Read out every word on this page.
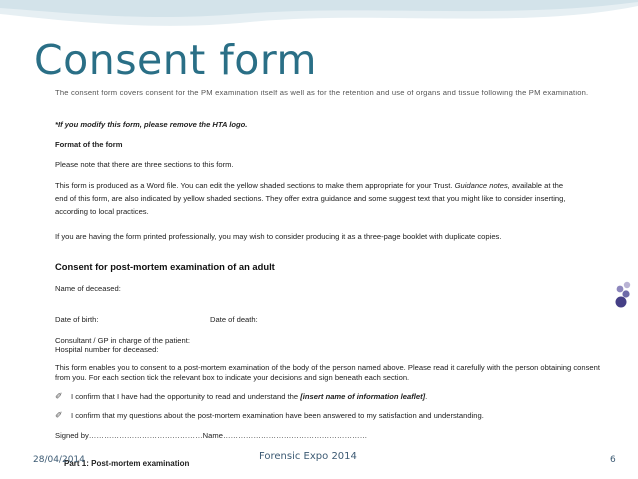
Consent form

The consent form covers consent for the PM examination itself as well as for the retention and use of organs and tissue following the PM examination.

*If you modify this form, please remove the HTA logo.

Format of the form

Please note that there are three sections to this form.

This form is produced as a Word file. You can edit the yellow shaded sections to make them appropriate for your Trust. Guidance notes, available at the

end of this form, are also indicated by yellow shaded sections. They offer extra guidance and some suggest text that you might like to consider inserting,

according to local practices.

If you are having the form printed professionally, you may wish to consider producing it as a three-page booklet with duplicate copies.

Consent for post-mortem examination of an adult

Name of deceased:

Date of birth:	Date of death:

Consultant / GP in charge of the patient:

Hospital number for deceased:

This form enables you to consent to a post-mortem examination of the body of the person named above. Please read it carefully with the person obtaining consent

from you. For each section tick the relevant box to indicate your decisions and sign beneath each section.

✐ I confirm that I have had the opportunity to read and understand the [insert name of information leaflet].

✐ I confirm that my questions about the post-mortem examination have been answered to my satisfaction and understanding.

Signed by………………………………………Name…………………………………………………

Part 1: Post-mortem examination
28/04/2014	Forensic Expo 2014	6
